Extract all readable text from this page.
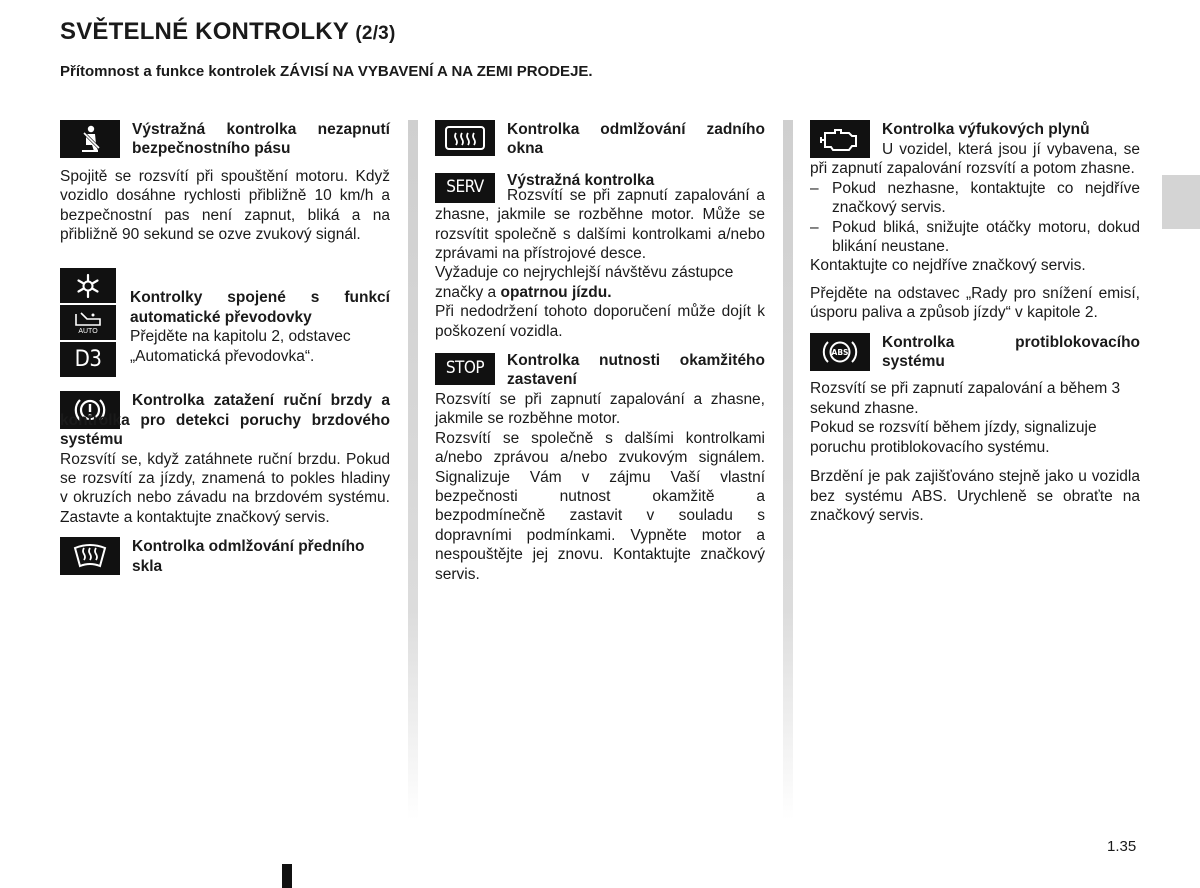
SVĚTELNÉ KONTROLKY (2/3)
Přítomnost a funkce kontrolek ZÁVISÍ NA VYBAVENÍ A NA ZEMI PRODEJE.
Výstražná kontrolka nezapnutí bezpečnostního pásu

Spojitě se rozsvítí při spouštění motoru. Když vozidlo dosáhne rychlosti přibližně 10 km/h a bezpečnostní pas není zapnut, bliká a na přibližně 90 sekund se ozve zvukový signál.

AUTO
D3
Kontrolky spojené s funkcí automatické převodovky

Přejděte na kapitolu 2, odstavec „Automatická převodovka“.

Kontrolka zatažení ruční brzdy a kontrolka pro detekci poruchy brzdového systému

Rozsvítí se, když zatáhnete ruční brzdu. Pokud se rozsvítí za jízdy, znamená to pokles hladiny v okruzích nebo závadu na brzdovém systému. Zastavte a kontaktujte značkový servis.

Kontrolka odmlžování předního skla
Kontrolka odmlžování zadního okna
SERV	Výstražná kontrolka

Rozsvítí se při zapnutí zapalování a zhasne, jakmile se rozběhne motor. Může se rozsvítit společně s dalšími kontrolkami a/nebo zprávami na přístrojové desce.

Vyžaduje co nejrychlejší návštěvu zástupce značky a opatrnou jízdu.

Při nedodržení tohoto doporučení může dojít k poškození vozidla.

STOP	Kontrolka nutnosti okamžitého zastavení

Rozsvítí se při zapnutí zapalování a zhasne, jakmile se rozběhne motor.

Rozsvítí se společně s dalšími kontrolkami a/nebo zprávou a/nebo zvukovým signálem. Signalizuje Vám v zájmu Vaší vlastní bezpečnosti nutnost okamžitě a bezpodmínečně zastavit v souladu s dopravními podmínkami. Vypněte motor a nespouštějte jej znovu. Kontaktujte značkový servis.

Kontrolka výfukových plynů

U vozidel, která jsou jí vybavena, se při zapnutí zapalování rozsvítí a potom zhasne.

– Pokud nezhasne, kontaktujte co nejdříve značkový servis.
– Pokud bliká, snižujte otáčky motoru, dokud blikání neustane.

Kontaktujte co nejdříve značkový servis.

Přejděte na odstavec „Rady pro snížení emisí, úsporu paliva a způsob jízdy“ v kapitole 2.

ABS
Kontrolka protiblokovacího systému

Rozsvítí se při zapnutí zapalování a během 3 sekund zhasne.

Pokud se rozsvítí během jízdy, signalizuje poruchu protiblokovacího systému.

Brzdění je pak zajišťováno stejně jako u vozidla bez systému ABS. Urychleně se obraťte na značkový servis.

1.35
